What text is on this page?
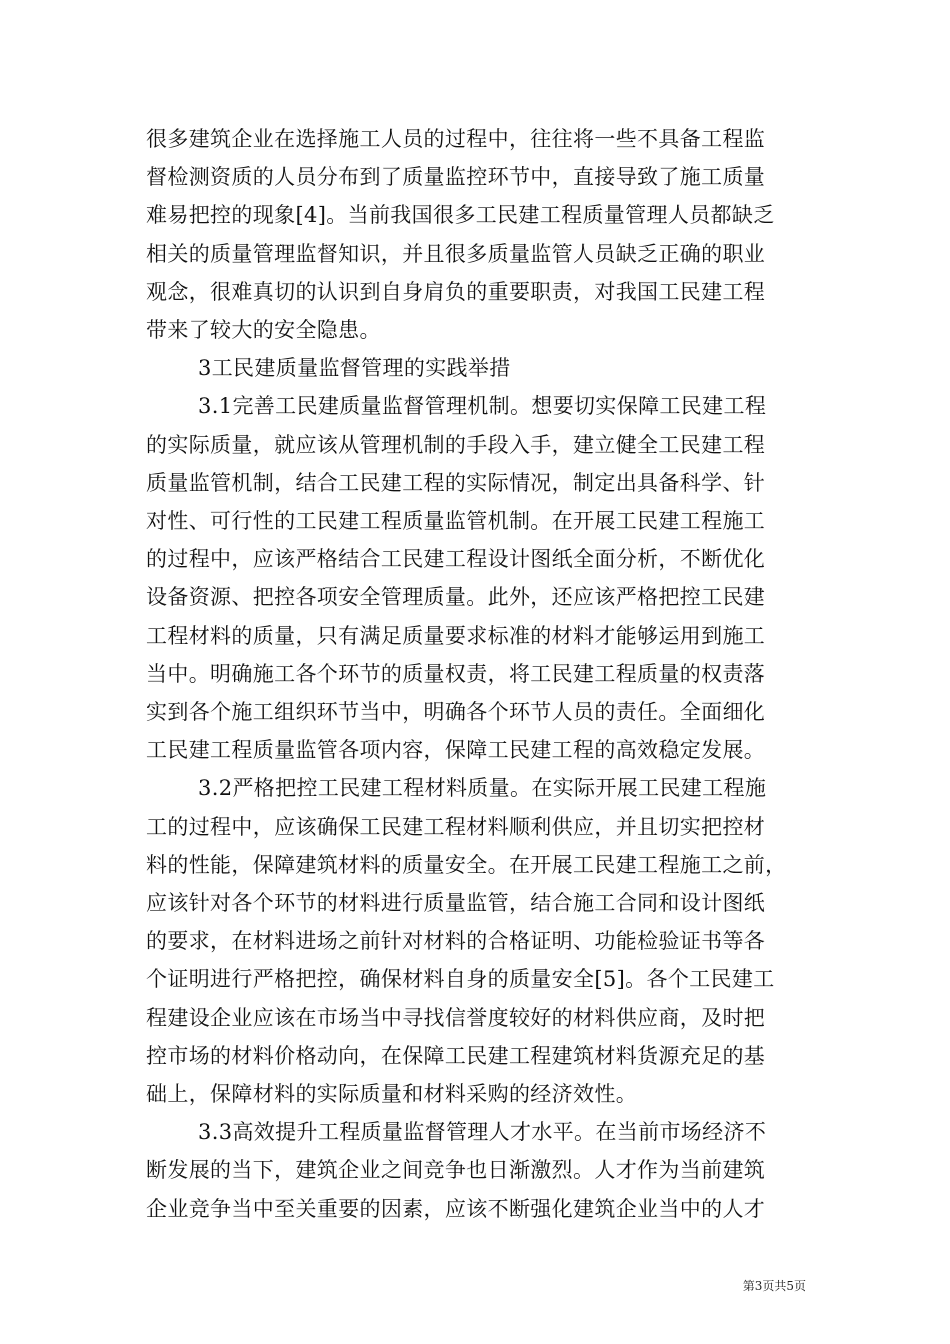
很多建筑企业在选择施工人员的过程中，往往将一些不具备工程监
督检测资质的人员分布到了质量监控环节中，直接导致了施工质量
难易把控的现象[4]。当前我国很多工民建工程质量管理人员都缺乏
相关的质量管理监督知识，并且很多质量监管人员缺乏正确的职业
观念，很难真切的认识到自身肩负的重要职责，对我国工民建工程
带来了较大的安全隐患。
3工民建质量监督管理的实践举措
3.1完善工民建质量监督管理机制。想要切实保障工民建工程
的实际质量，就应该从管理机制的手段入手，建立健全工民建工程
质量监管机制，结合工民建工程的实际情况，制定出具备科学、针
对性、可行性的工民建工程质量监管机制。在开展工民建工程施工
的过程中，应该严格结合工民建工程设计图纸全面分析，不断优化
设备资源、把控各项安全管理质量。此外，还应该严格把控工民建
工程材料的质量，只有满足质量要求标准的材料才能够运用到施工
当中。明确施工各个环节的质量权责，将工民建工程质量的权责落
实到各个施工组织环节当中，明确各个环节人员的责任。全面细化
工民建工程质量监管各项内容，保障工民建工程的高效稳定发展。
3.2严格把控工民建工程材料质量。在实际开展工民建工程施
工的过程中，应该确保工民建工程材料顺利供应，并且切实把控材
料的性能，保障建筑材料的质量安全。在开展工民建工程施工之前，
应该针对各个环节的材料进行质量监管，结合施工合同和设计图纸
的要求，在材料进场之前针对材料的合格证明、功能检验证书等各
个证明进行严格把控，确保材料自身的质量安全[5]。各个工民建工
程建设企业应该在市场当中寻找信誉度较好的材料供应商，及时把
控市场的材料价格动向，在保障工民建工程建筑材料货源充足的基
础上，保障材料的实际质量和材料采购的经济效性。
3.3高效提升工程质量监督管理人才水平。在当前市场经济不
断发展的当下，建筑企业之间竞争也日渐激烈。人才作为当前建筑
企业竞争当中至关重要的因素，应该不断强化建筑企业当中的人才
第3页共5页
